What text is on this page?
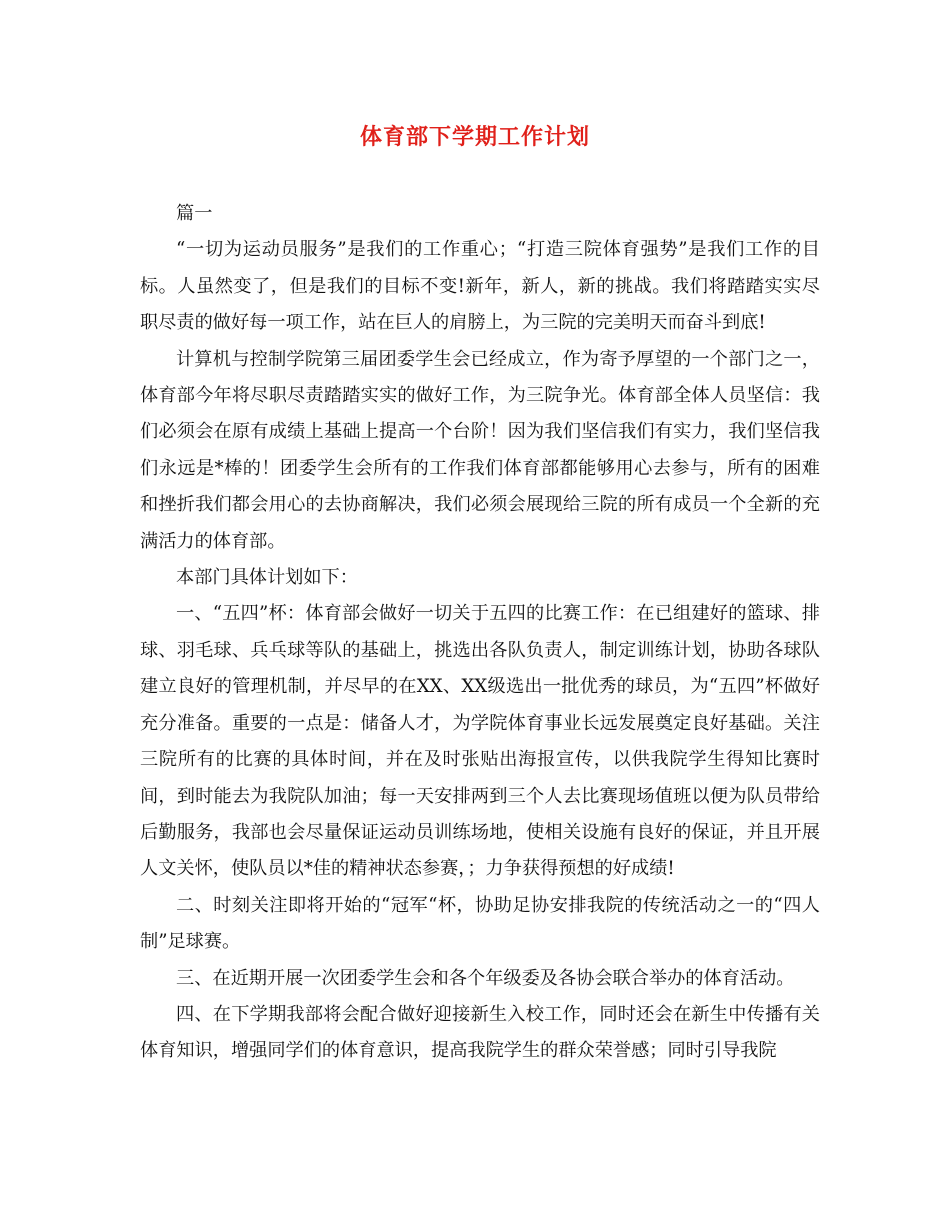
体育部下学期工作计划

篇一

“一切为运动员服务”是我们的工作重心；“打造三院体育强势”是我们工作的目标。人虽然变了，但是我们的目标不变!新年，新人，新的挑战。我们将踏踏实实尽职尽责的做好每一项工作，站在巨人的肩膀上，为三院的完美明天而奋斗到底!

计算机与控制学院第三届团委学生会已经成立，作为寄予厚望的一个部门之一，体育部今年将尽职尽责踏踏实实的做好工作，为三院争光。体育部全体人员坚信：我们必须会在原有成绩上基础上提高一个台阶！因为我们坚信我们有实力，我们坚信我们永远是*棒的！团委学生会所有的工作我们体育部都能够用心去参与，所有的困难和挫折我们都会用心的去协商解决，我们必须会展现给三院的所有成员一个全新的充满活力的体育部。

本部门具体计划如下：

一、“五四”杯：体育部会做好一切关于五四的比赛工作：在已组建好的篮球、排球、羽毛球、兵乓球等队的基础上，挑选出各队负责人，制定训练计划，协助各球队建立良好的管理机制，并尽早的在XX、XX级选出一批优秀的球员，为“五四”杯做好充分准备。重要的一点是：储备人才，为学院体育事业长远发展奠定良好基础。关注三院所有的比赛的具体时间，并在及时张贴出海报宣传，以供我院学生得知比赛时间，到时能去为我院队加油；每一天安排两到三个人去比赛现场值班以便为队员带给后勤服务，我部也会尽量保证运动员训练场地，使相关设施有良好的保证，并且开展人文关怀，使队员以*佳的精神状态参赛，；力争获得预想的好成绩!

二、时刻关注即将开始的“冠军“杯，协助足协安排我院的传统活动之一的“四人制”足球赛。

三、在近期开展一次团委学生会和各个年级委及各协会联合举办的体育活动。

四、在下学期我部将会配合做好迎接新生入校工作，同时还会在新生中传播有关体育知识，增强同学们的体育意识，提高我院学生的群众荣誉感；同时引导我院
